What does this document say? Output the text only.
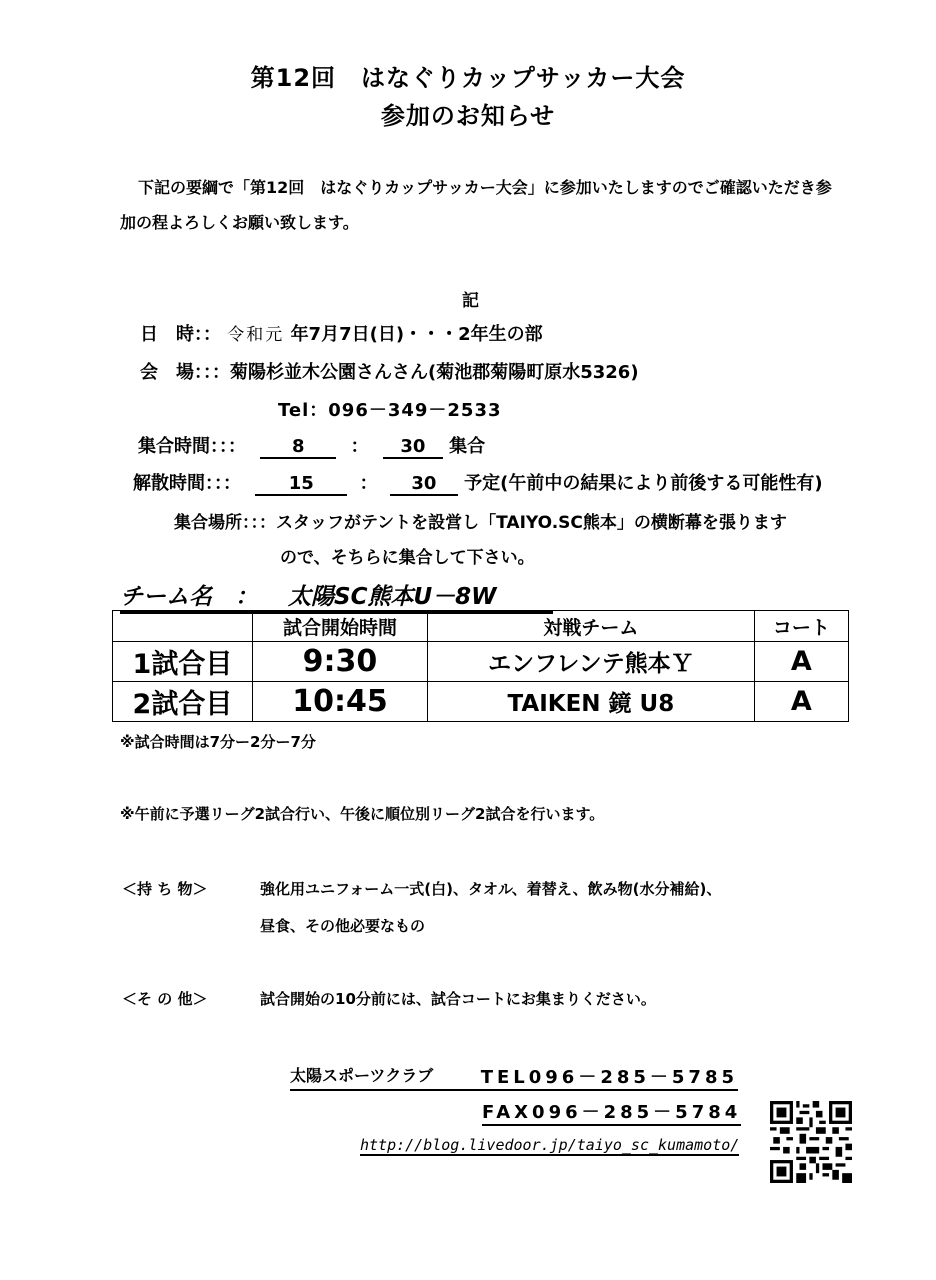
第12回　はなぐりカップサッカー大会
参加のお知らせ
下記の要綱で「第12回　はなぐりカップサッカー大会」に参加いたしますのでご確認いただき参
加の程よろしくお願い致します。
記
日　時：： 令和元 年7月7日(日)・・・2年生の部
会　場：：：菊陽杉並木公園さんさん(菊池郡菊陽町原水5326)
Tel：096－349－2533
集合時間：：：	8	： 30 集合
解散時間：：：	15	： 30 予定(午前中の結果により前後する可能性有)
集合場所：：：スタッフがテントを設営し「TAIYO.SC熊本」の横断幕を張ります
ので、そちらに集合して下さい。
チーム名　： 太陽SC熊本U－8W
	試合開始時間	対戦チーム	コート
1試合目	9:30	エンフレンテ熊本Ｙ	A
2試合目	10:45	TAIKEN 鏡 U8	A
※試合時間は7分ー2分ー7分
※午前に予選リーグ2試合行い、午後に順位別リーグ2試合を行います。
＜持 ち 物＞	強化用ユニフォーム一式(白)、タオル、着替え、飲み物(水分補給)、
昼食、その他必要なもの
＜そ の 他＞	試合開始の10分前には、試合コートにお集まりください。
太陽スポーツクラブ	TEL096－285－5785
FAX096－285－5784
http://blog.livedoor.jp/taiyo_sc_kumamoto/
